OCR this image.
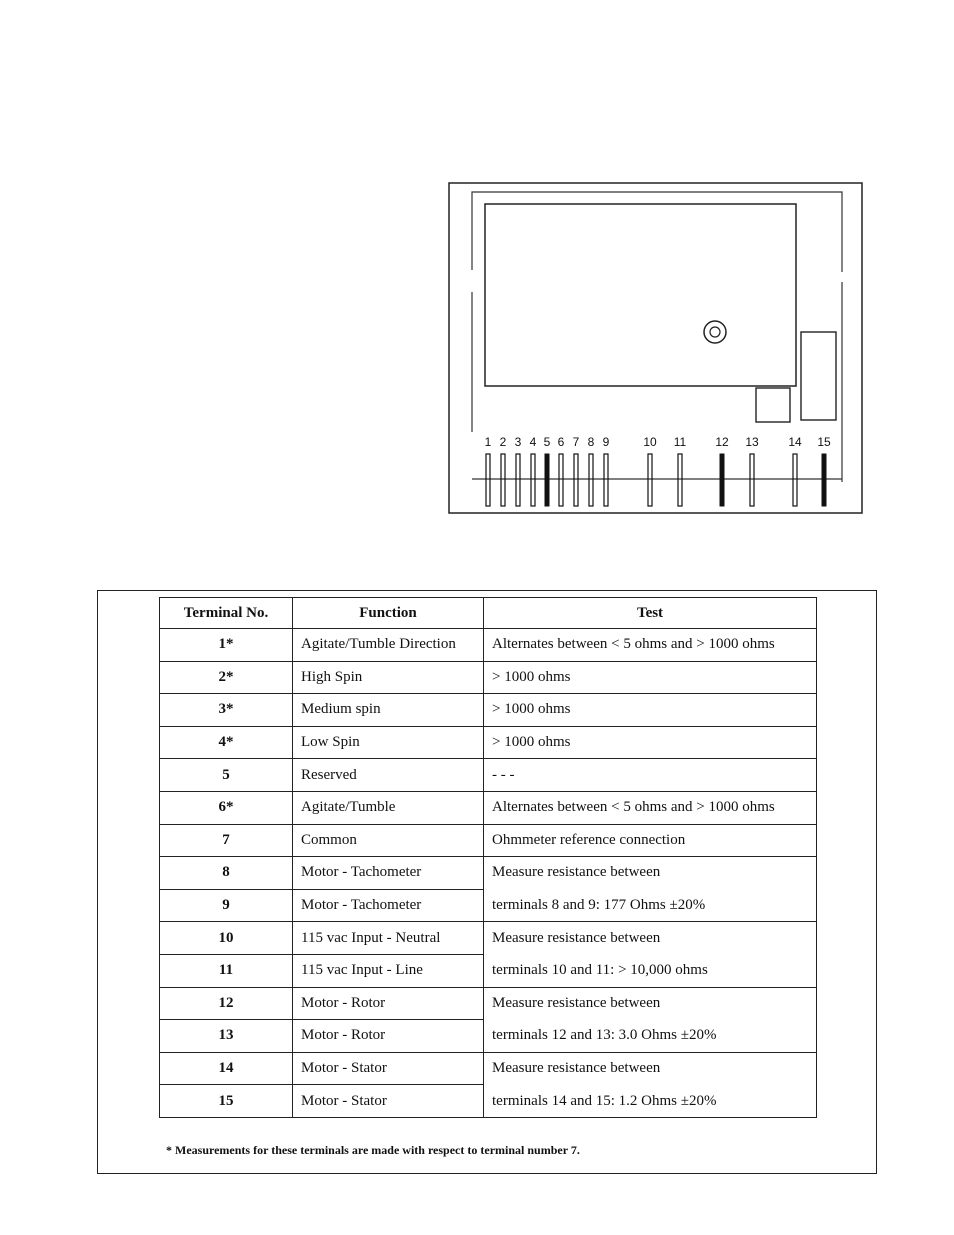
1 2 3 4 5 6 7 8 9	10 11 12 13 14 15
Terminal No.	Function	Test
1*	Agitate/Tumble Direction	Alternates between < 5 ohms and > 1000 ohms
2*	High Spin	> 1000 ohms
3*	Medium spin	> 1000 ohms
4*	Low Spin	> 1000 ohms
5	Reserved	- - -
6*	Agitate/Tumble	Alternates between < 5 ohms and > 1000 ohms
7	Common	Ohmmeter reference connection
8	Motor - Tachometer	Measure resistance between
9	Motor - Tachometer	terminals 8 and 9: 177 Ohms ±20%
10	115 vac Input - Neutral	Measure resistance between
11	115 vac Input - Line	terminals 10 and 11: > 10,000 ohms
12	Motor - Rotor	Measure resistance between
13	Motor - Rotor	terminals 12 and 13: 3.0 Ohms ±20%
14	Motor - Stator	Measure resistance between
15	Motor - Stator	terminals 14 and 15: 1.2 Ohms ±20%
* Measurements for these terminals are made with respect to terminal number 7.
